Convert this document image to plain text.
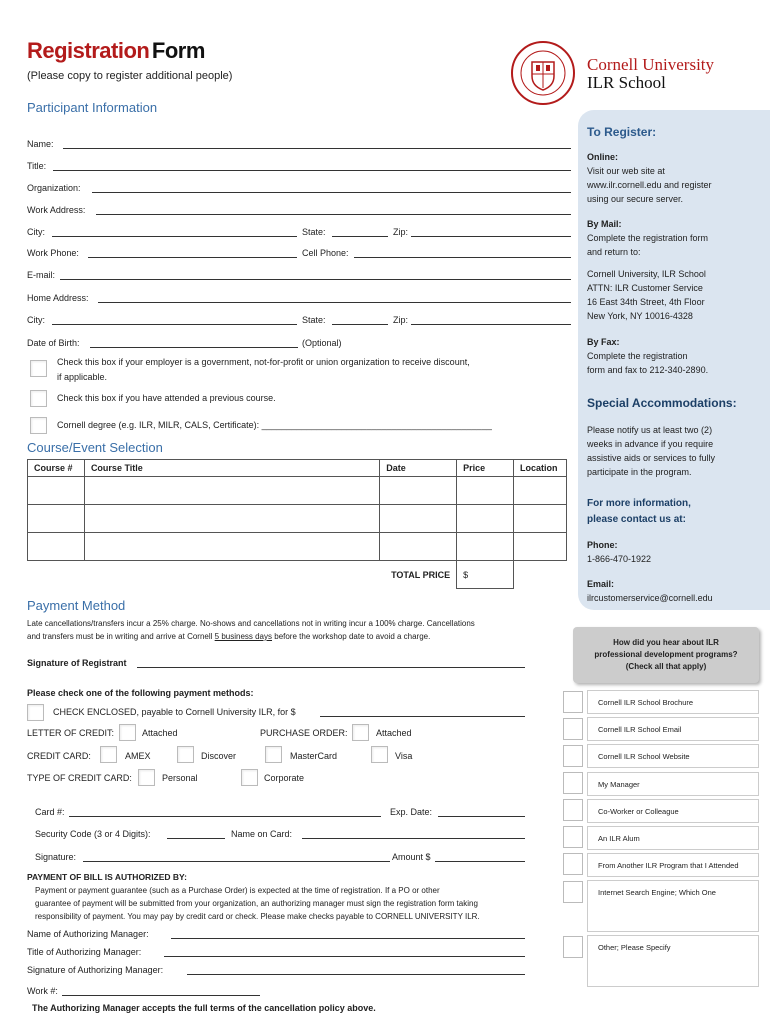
Registration Form
(Please copy to register additional people)
Cornell University
ILR School
Participant Information
Name:
Title:
Organization:
Work Address:
City:	State:	Zip:
Work Phone:	Cell Phone:
E-mail:
Home Address:
City:	State:	Zip:
Date of Birth:	(Optional)
Check this box if your employer is a government, not-for-profit or union organization to receive discount,
if applicable.
Check this box if you have attended a previous course.
Cornell degree (e.g. ILR, MILR, CALS, Certificate): ______________________________________________
Course/Event Selection
Course #	Course Title	Date	Price	Location

TOTAL PRICE			$	
Payment Method
Late cancellations/transfers incur a 25% charge. No-shows and cancellations not in writing incur a 100% charge. Cancellations
and transfers must be in writing and arrive at Cornell 5 business days before the workshop date to avoid a charge.
Signature of Registrant
Please check one of the following payment methods:
CHECK ENCLOSED, payable to Cornell University ILR, for $
LETTER OF CREDIT:	Attached	PURCHASE ORDER:	Attached
CREDIT CARD:	AMEX	Discover	MasterCard	Visa
TYPE OF CREDIT CARD:	Personal	Corporate
Card #:	Exp. Date:
Security Code (3 or 4 Digits):	Name on Card:
Signature:	Amount $
PAYMENT OF BILL IS AUTHORIZED BY:
Payment or payment guarantee (such as a Purchase Order) is expected at the time of registration. If a PO or other
guarantee of payment will be submitted from your organization, an authorizing manager must sign the registration form taking
responsibility of payment. You may pay by credit card or check. Please make checks payable to CORNELL UNIVERSITY ILR.
Name of Authorizing Manager:
Title of Authorizing Manager:
Signature of Authorizing Manager:
Work #:
The Authorizing Manager accepts the full terms of the cancellation policy above.
To Register:
Online:
Visit our web site at
www.ilr.cornell.edu and register
using our secure server.
By Mail:
Complete the registration form
and return to:
Cornell University, ILR School
ATTN: ILR Customer Service
16 East 34th Street, 4th Floor
New York, NY 10016-4328
By Fax:
Complete the registration
form and fax to 212-340-2890.
Special Accommodations:
Please notify us at least two (2)
weeks in advance if you require
assistive aids or services to fully
participate in the program.
For more information,
please contact us at:
Phone:
1-866-470-1922
Email:
ilrcustomerservice@cornell.edu
How did you hear about ILR
professional development programs?
(Check all that apply)
Cornell ILR School Brochure
Cornell ILR School Email
Cornell ILR School Website
My Manager
Co-Worker or Colleague
An ILR Alum
From Another ILR Program that I Attended
Internet Search Engine; Which One
Other; Please Specify
